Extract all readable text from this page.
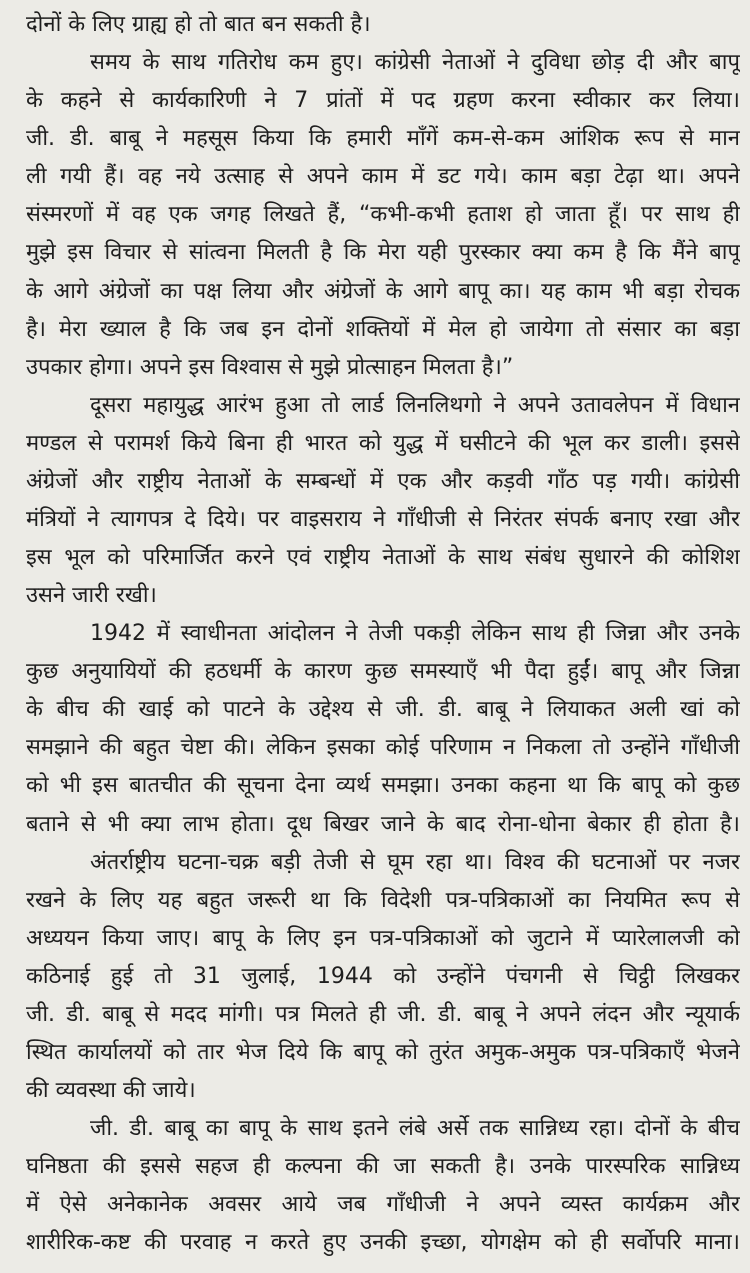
दोनों के लिए ग्राह्य हो तो बात बन सकती है।
समय के साथ गतिरोध कम हुए। कांग्रेसी नेताओं ने दुविधा छोड़ दी और बापू
के कहने से कार्यकारिणी ने 7 प्रांतों में पद ग्रहण करना स्वीकार कर लिया।
जी. डी. बाबू ने महसूस किया कि हमारी माँगें कम-से-कम आंशिक रूप से मान
ली गयी हैं। वह नये उत्साह से अपने काम में डट गये। काम बड़ा टेढ़ा था। अपने
संस्मरणों में वह एक जगह लिखते हैं, “कभी-कभी हताश हो जाता हूँ। पर साथ ही
मुझे इस विचार से सांत्वना मिलती है कि मेरा यही पुरस्कार क्या कम है कि मैंने बापू
के आगे अंग्रेजों का पक्ष लिया और अंग्रेजों के आगे बापू का। यह काम भी बड़ा रोचक
है। मेरा ख्याल है कि जब इन दोनों शक्तियों में मेल हो जायेगा तो संसार का बड़ा
उपकार होगा। अपने इस विश्वास से मुझे प्रोत्साहन मिलता है।”
दूसरा महायुद्ध आरंभ हुआ तो लार्ड लिनलिथगो ने अपने उतावलेपन में विधान
मण्डल से परामर्श किये बिना ही भारत को युद्ध में घसीटने की भूल कर डाली। इससे
अंग्रेजों और राष्ट्रीय नेताओं के सम्बन्धों में एक और कड़वी गाँठ पड़ गयी। कांग्रेसी
मंत्रियों ने त्यागपत्र दे दिये। पर वाइसराय ने गाँधीजी से निरंतर संपर्क बनाए रखा और
इस भूल को परिमार्जित करने एवं राष्ट्रीय नेताओं के साथ संबंध सुधारने की कोशिश
उसने जारी रखी।
1942 में स्वाधीनता आंदोलन ने तेजी पकड़ी लेकिन साथ ही जिन्ना और उनके
कुछ अनुयायियों की हठधर्मी के कारण कुछ समस्याएँ भी पैदा हुईं। बापू और जिन्ना
के बीच की खाई को पाटने के उद्देश्य से जी. डी. बाबू ने लियाकत अली खां को
समझाने की बहुत चेष्टा की। लेकिन इसका कोई परिणाम न निकला तो उन्होंने गाँधीजी
को भी इस बातचीत की सूचना देना व्यर्थ समझा। उनका कहना था कि बापू को कुछ
बताने से भी क्या लाभ होता। दूध बिखर जाने के बाद रोना-धोना बेकार ही होता है।
अंतर्राष्ट्रीय घटना-चक्र बड़ी तेजी से घूम रहा था। विश्व की घटनाओं पर नजर
रखने के लिए यह बहुत जरूरी था कि विदेशी पत्र-पत्रिकाओं का नियमित रूप से
अध्ययन किया जाए। बापू के लिए इन पत्र-पत्रिकाओं को जुटाने में प्यारेलालजी को
कठिनाई हुई तो 31 जुलाई, 1944 को उन्होंने पंचगनी से चिट्ठी लिखकर
जी. डी. बाबू से मदद मांगी। पत्र मिलते ही जी. डी. बाबू ने अपने लंदन और न्यूयार्क
स्थित कार्यालयों को तार भेज दिये कि बापू को तुरंत अमुक-अमुक पत्र-पत्रिकाएँ भेजने
की व्यवस्था की जाये।
जी. डी. बाबू का बापू के साथ इतने लंबे अर्से तक सान्निध्य रहा। दोनों के बीच
घनिष्ठता की इससे सहज ही कल्पना की जा सकती है। उनके पारस्परिक सान्निध्य
में ऐसे अनेकानेक अवसर आये जब गाँधीजी ने अपने व्यस्त कार्यक्रम और
शारीरिक-कष्ट की परवाह न करते हुए उनकी इच्छा, योगक्षेम को ही सर्वोपरि माना।
